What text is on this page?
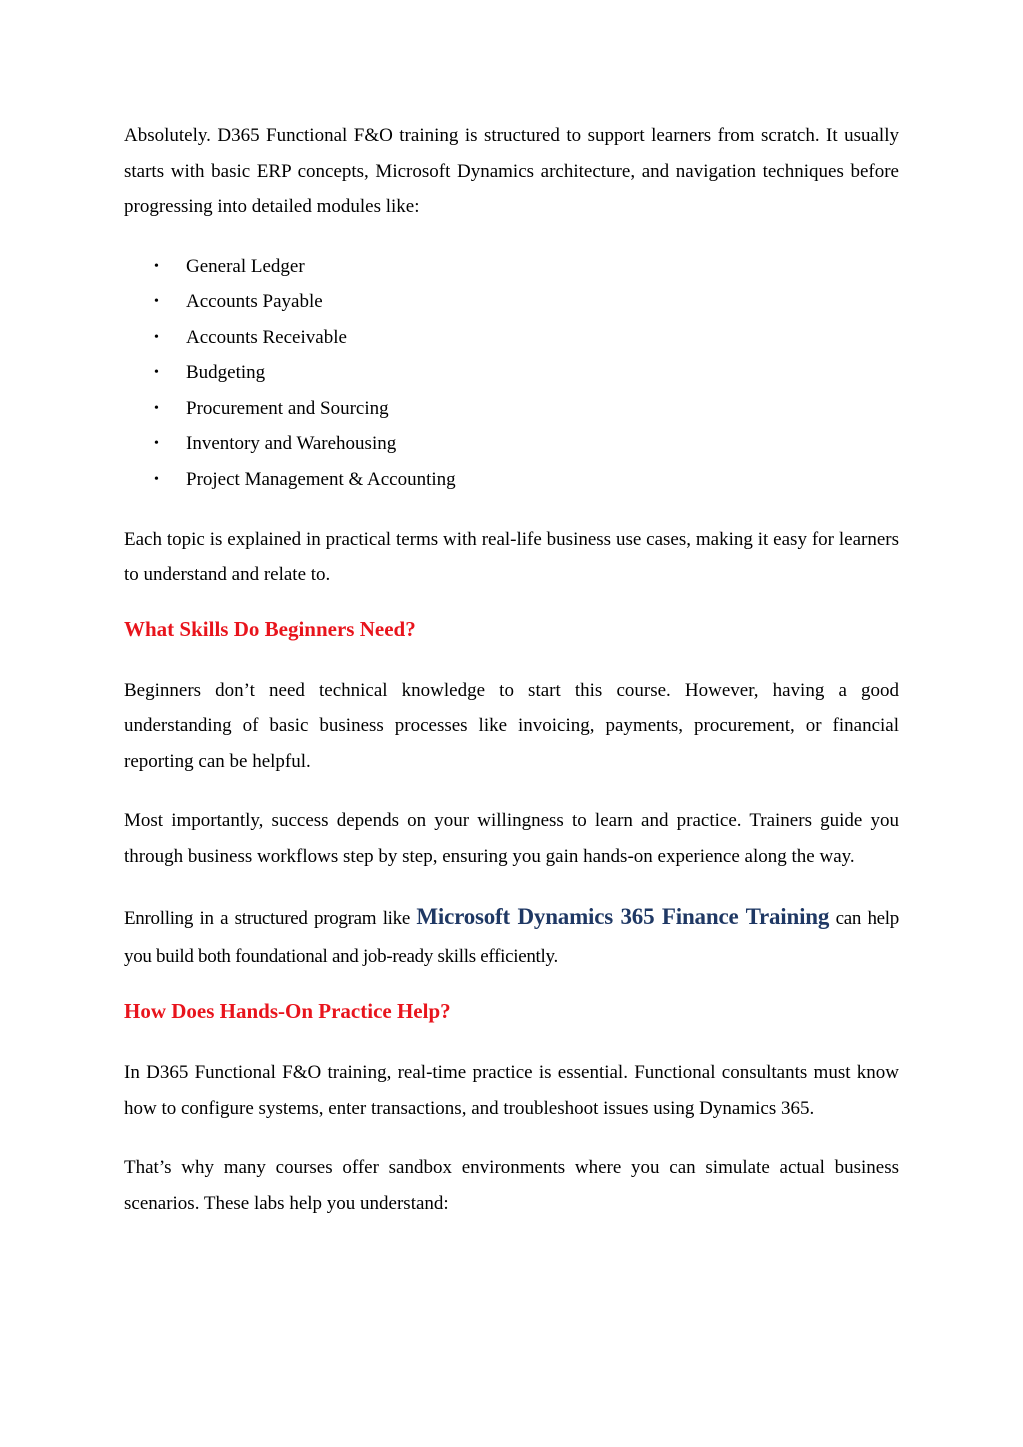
Absolutely. D365 Functional F&O training is structured to support learners from scratch. It usually starts with basic ERP concepts, Microsoft Dynamics architecture, and navigation techniques before progressing into detailed modules like:

• General Ledger
• Accounts Payable
• Accounts Receivable
• Budgeting
• Procurement and Sourcing
• Inventory and Warehousing
• Project Management & Accounting

Each topic is explained in practical terms with real-life business use cases, making it easy for learners to understand and relate to.

What Skills Do Beginners Need?

Beginners don’t need technical knowledge to start this course. However, having a good understanding of basic business processes like invoicing, payments, procurement, or financial reporting can be helpful.

Most importantly, success depends on your willingness to learn and practice. Trainers guide you through business workflows step by step, ensuring you gain hands-on experience along the way.

Enrolling in a structured program like Microsoft Dynamics 365 Finance Training can help you build both foundational and job-ready skills efficiently.

How Does Hands-On Practice Help?

In D365 Functional F&O training, real-time practice is essential. Functional consultants must know how to configure systems, enter transactions, and troubleshoot issues using Dynamics 365.

That’s why many courses offer sandbox environments where you can simulate actual business scenarios. These labs help you understand:
